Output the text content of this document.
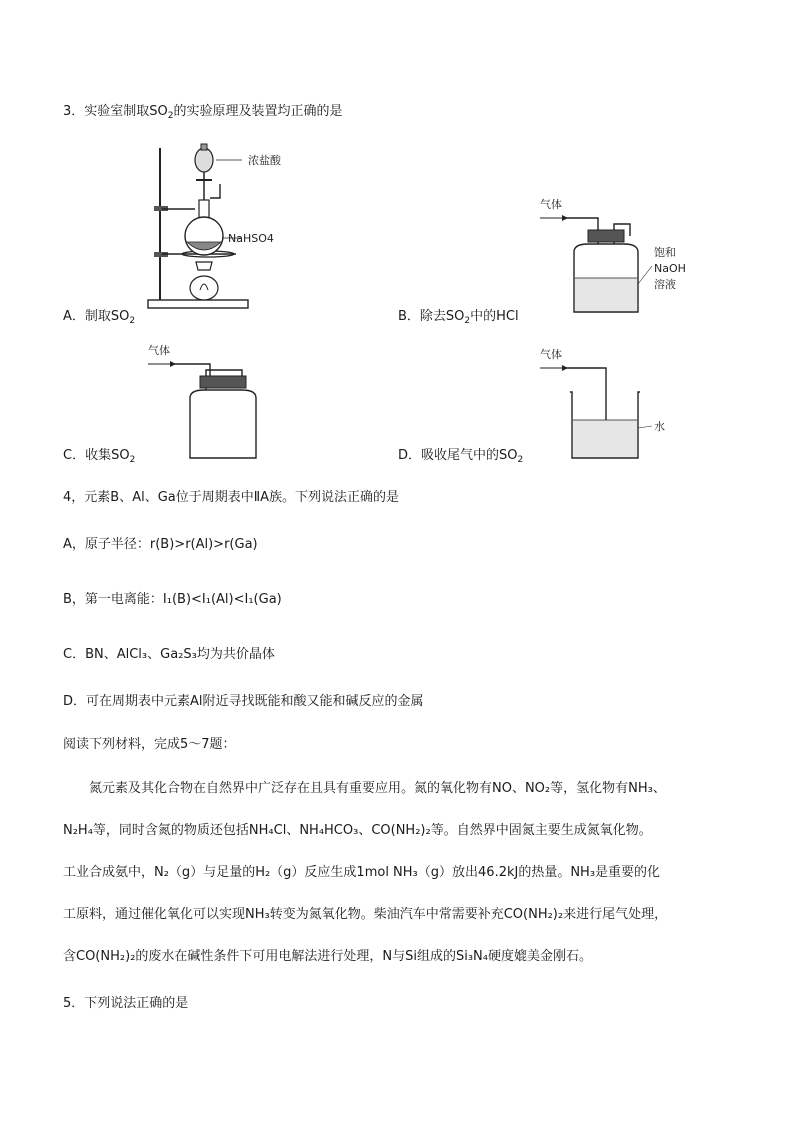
3．实验室制取$SO_2$的实验原理及装置均正确的是
浓盐酸
NaHSO4
气体
饱和
NaOH
溶液
A．制取$SO_2$	B．除去$SO_2$中的HCl
气体	气体
水
C．收集$SO_2$	D．吸收尾气中的$SO_2$
4，元素B、Al、Ga位于周期表中ⅡA族。下列说法正确的是
A，原子半径：r(B)>r(Al)>r(Ga)
B，第一电离能：I₁(B)<I₁(Al)<I₁(Ga)
C．BN、AlCl₃、Ga₂S₃均为共价晶体
D．可在周期表中元素Al附近寻找既能和酸又能和碱反应的金属
阅读下列材料，完成5～7题：
氮元素及其化合物在自然界中广泛存在且具有重要应用。氮的氧化物有NO、NO₂等，氢化物有NH₃、
N₂H₄等，同时含氮的物质还包括NH₄Cl、NH₄HCO₃、CO(NH₂)₂等。自然界中固氮主要生成氮氧化物。
工业合成氨中，N₂（g）与足量的H₂（g）反应生成1mol NH₃（g）放出46.2kJ的热量。NH₃是重要的化
工原料，通过催化氧化可以实现NH₃转变为氮氧化物。柴油汽车中常需要补充CO(NH₂)₂来进行尾气处理，
含CO(NH₂)₂的废水在碱性条件下可用电解法进行处理，N与Si组成的Si₃N₄硬度媲美金刚石。
5．下列说法正确的是
